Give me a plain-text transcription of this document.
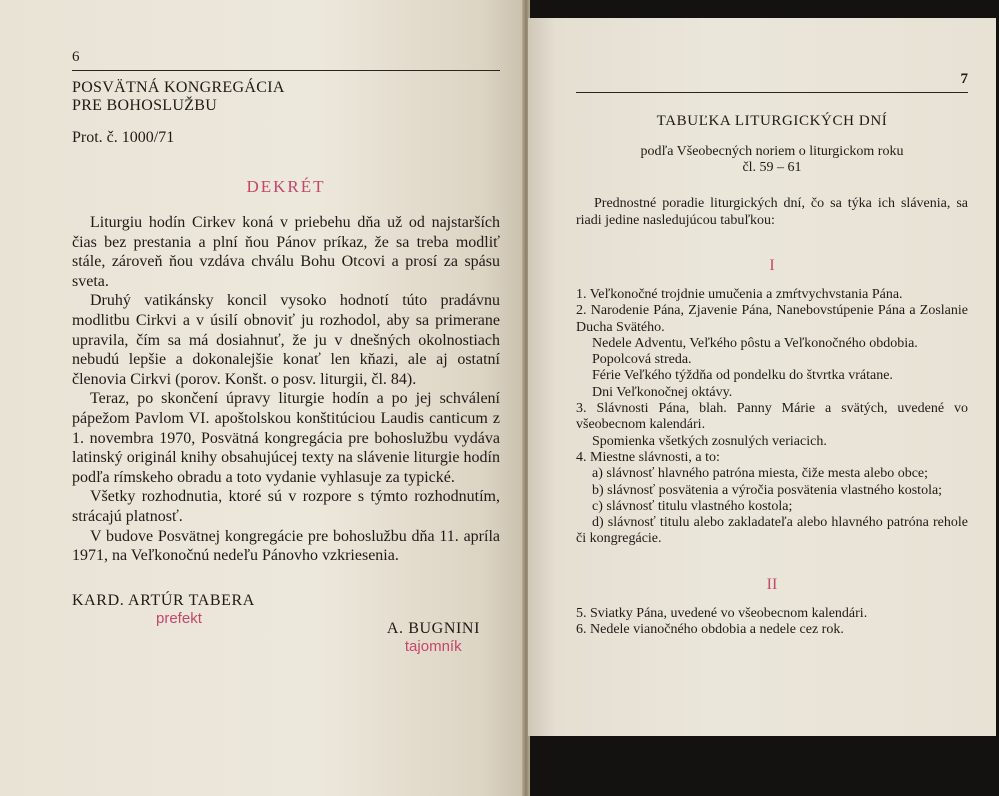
6
POSVÄTNÁ KONGREGÁCIA
PRE BOHOSLUŽBU
Prot. č. 1000/71
DEKRÉT

Liturgiu hodín Cirkev koná v priebehu dňa už od najstarších čias bez prestania a plní ňou Pánov príkaz, že sa treba modliť stále, zároveň ňou vzdáva chválu Bohu Otcovi a prosí za spásu sveta.

Druhý vatikánsky koncil vysoko hodnotí túto pradávnu modlitbu Cirkvi a v úsilí obnoviť ju rozhodol, aby sa primerane upravila, čím sa má dosiahnuť, že ju v dnešných okolnostiach nebudú lepšie a dokonalejšie konať len kňazi, ale aj ostatní členovia Cirkvi (porov. Konšt. o posv. liturgii, čl. 84).

Teraz, po skončení úpravy liturgie hodín a po jej schválení pápežom Pavlom VI. apoštolskou konštitúciou Laudis canticum z 1. novembra 1970, Posvätná kongregácia pre bohoslužbu vydáva latinský originál knihy obsahujúcej texty na slávenie liturgie hodín podľa rímskeho obradu a toto vydanie vyhlasuje za typické.

Všetky rozhodnutia, ktoré sú v rozpore s týmto rozhodnutím, strácajú platnosť.

V budove Posvätnej kongregácie pre bohoslužbu dňa 11. apríla 1971, na Veľkonočnú nedeľu Pánovho vzkriesenia.

KARD. ARTÚR TABERA
prefekt
A. BUGNINI
tajomník
7
TABUĽKA LITURGICKÝCH DNÍ
podľa Všeobecných noriem o liturgickom roku
čl. 59 – 61
Prednostné poradie liturgických dní, čo sa týka ich slávenia, sa riadi jedine nasledujúcou tabuľkou:
I
1. Veľkonočné trojdnie umučenia a zmŕtvychvstania Pána.
2. Narodenie Pána, Zjavenie Pána, Nanebovstúpenie Pána a Zoslanie Ducha Svätého.
Nedele Adventu, Veľkého pôstu a Veľkonočného obdobia.
Popolcová streda.
Férie Veľkého týždňa od pondelku do štvrtka vrátane.
Dni Veľkonočnej oktávy.
3. Slávnosti Pána, blah. Panny Márie a svätých, uvedené vo všeobecnom kalendári.
Spomienka všetkých zosnulých veriacich.
4. Miestne slávnosti, a to:
a) slávnosť hlavného patróna miesta, čiže mesta alebo obce;
b) slávnosť posvätenia a výročia posvätenia vlastného kostola;
c) slávnosť titulu vlastného kostola;
d) slávnosť titulu alebo zakladateľa alebo hlavného patróna rehole či kongregácie.
II
5. Sviatky Pána, uvedené vo všeobecnom kalendári.
6. Nedele vianočného obdobia a nedele cez rok.
